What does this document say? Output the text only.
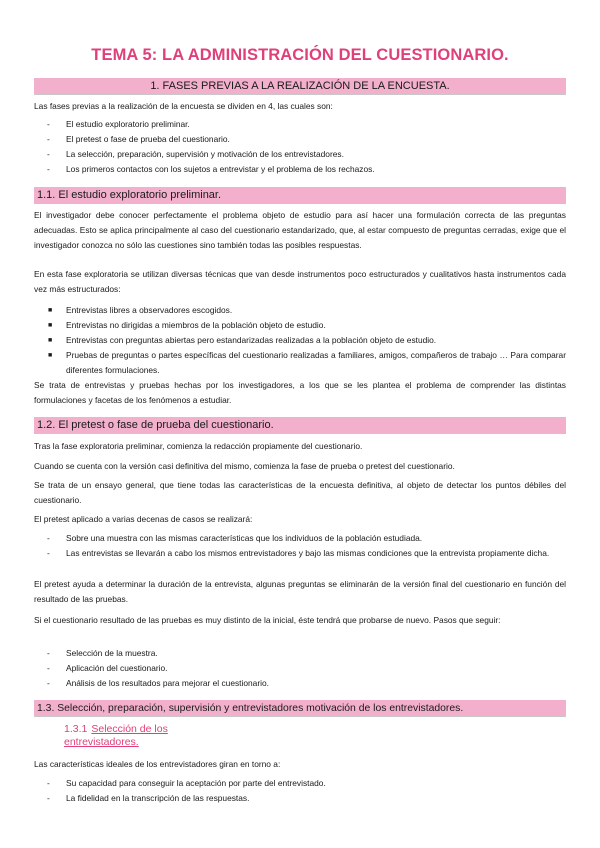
TEMA 5: LA ADMINISTRACIÓN DEL CUESTIONARIO.
1. FASES PREVIAS A LA REALIZACIÓN DE LA ENCUESTA.
Las fases previas a la realización de la encuesta se dividen en 4, las cuales son:
- El estudio exploratorio preliminar.
- El pretest o fase de prueba del cuestionario.
- La selección, preparación, supervisión y motivación de los entrevistadores.
- Los primeros contactos con los sujetos a entrevistar y el problema de los rechazos.
1.1. El estudio exploratorio preliminar.
El investigador debe conocer perfectamente el problema objeto de estudio para así hacer una formulación correcta de las preguntas adecuadas. Esto se aplica principalmente al caso del cuestionario estandarizado, que, al estar compuesto de preguntas cerradas, exige que el investigador conozca no sólo las cuestiones sino también todas las posibles respuestas.
En esta fase exploratoria se utilizan diversas técnicas que van desde instrumentos poco estructurados y cualitativos hasta instrumentos cada vez más estructurados:
■ Entrevistas libres a observadores escogidos.
■ Entrevistas no dirigidas a miembros de la población objeto de estudio.
■ Entrevistas con preguntas abiertas pero estandarizadas realizadas a la población objeto de estudio.
■ Pruebas de preguntas o partes específicas del cuestionario realizadas a familiares, amigos, compañeros de trabajo … Para comparar diferentes formulaciones.
Se trata de entrevistas y pruebas hechas por los investigadores, a los que se les plantea el problema de comprender las distintas formulaciones y facetas de los fenómenos a estudiar.
1.2. El pretest o fase de prueba del cuestionario.
Tras la fase exploratoria preliminar, comienza la redacción propiamente del cuestionario.
Cuando se cuenta con la versión casi definitiva del mismo, comienza la fase de prueba o pretest del cuestionario.
Se trata de un ensayo general, que tiene todas las características de la encuesta definitiva, al objeto de detectar los puntos débiles del cuestionario.
El pretest aplicado a varias decenas de casos se realizará:
- Sobre una muestra con las mismas características que los individuos de la población estudiada.
- Las entrevistas se llevarán a cabo los mismos entrevistadores y bajo las mismas condiciones que la entrevista propiamente dicha.
El pretest ayuda a determinar la duración de la entrevista, algunas preguntas se eliminarán de la versión final del cuestionario en función del resultado de las pruebas.
Si el cuestionario resultado de las pruebas es muy distinto de la inicial, éste tendrá que probarse de nuevo. Pasos que seguir:
- Selección de la muestra.
- Aplicación del cuestionario.
- Análisis de los resultados para mejorar el cuestionario.
1.3. Selección, preparación, supervisión y entrevistadores motivación de los entrevistadores.
1.3.1 Selección de los entrevistadores.
Las características ideales de los entrevistadores giran en torno a:
- Su capacidad para conseguir la aceptación por parte del entrevistado.
- La fidelidad en la transcripción de las respuestas.
